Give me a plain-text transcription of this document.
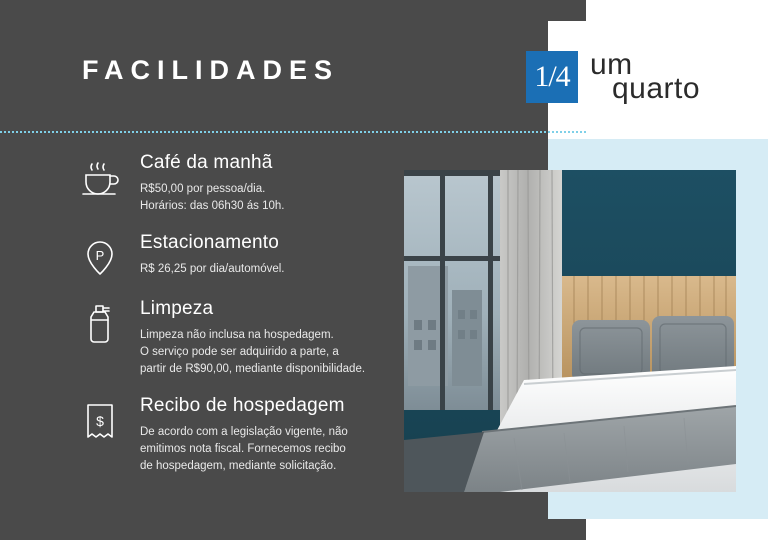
FACILIDADES	1/4 um
quarto

Café da manhã

R$50,00 por pessoa/dia.
Horários: das 06h30 ás 10h.

P

Estacionamento

R$ 26,25 por dia/automóvel.

Limpeza

Limpeza não inclusa na hospedagem.
O serviço pode ser adquirido a parte, a
partir de R$90,00, mediante disponibilidade.

$

Recibo de hospedagem

De acordo com a legislação vigente, não
emitimos nota fiscal. Fornecemos recibo
de hospedagem, mediante solicitação.
